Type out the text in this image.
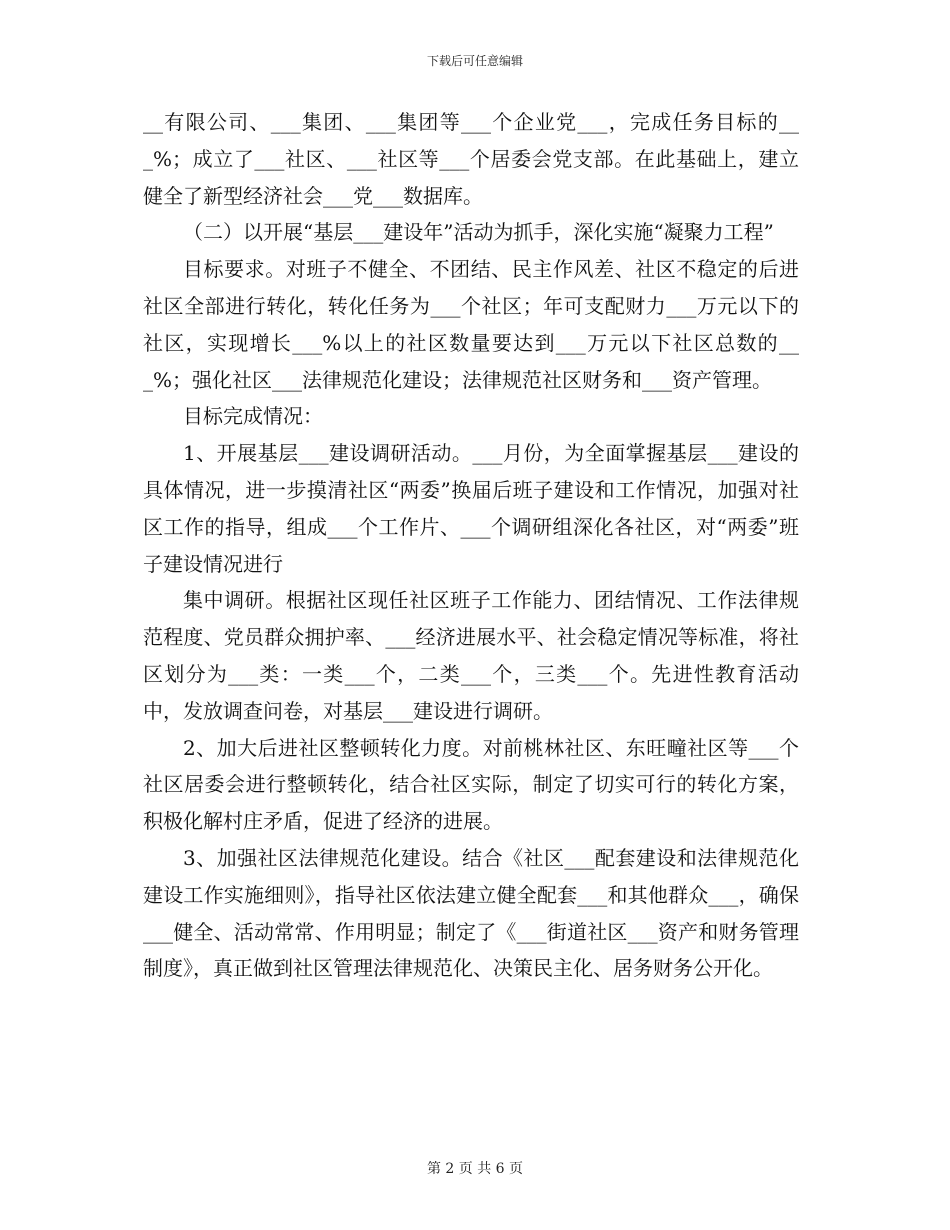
下载后可任意编辑

__有限公司、___集团、___集团等___个企业党___，完成任务目标的___%；成立了___社区、___社区等___个居委会党支部。在此基础上，建立健全了新型经济社会___党___数据库。

（二）以开展“基层___建设年”活动为抓手，深化实施“凝聚力工程”

目标要求。对班子不健全、不团结、民主作风差、社区不稳定的后进社区全部进行转化，转化任务为___个社区；年可支配财力___万元以下的社区，实现增长___%以上的社区数量要达到___万元以下社区总数的___%；强化社区___法律规范化建设；法律规范社区财务和___资产管理。

目标完成情况：

1、开展基层___建设调研活动。___月份，为全面掌握基层___建设的具体情况，进一步摸清社区“两委”换届后班子建设和工作情况，加强对社区工作的指导，组成___个工作片、___个调研组深化各社区，对“两委”班子建设情况进行

集中调研。根据社区现任社区班子工作能力、团结情况、工作法律规范程度、党员群众拥护率、___经济进展水平、社会稳定情况等标准，将社区划分为___类：一类___个，二类___个，三类___个。先进性教育活动中，发放调查问卷，对基层___建设进行调研。

2、加大后进社区整顿转化力度。对前桃林社区、东旺疃社区等___个社区居委会进行整顿转化，结合社区实际，制定了切实可行的转化方案，积极化解村庄矛盾，促进了经济的进展。

3、加强社区法律规范化建设。结合《社区___配套建设和法律规范化建设工作实施细则》，指导社区依法建立健全配套___和其他群众___，确保___健全、活动常常、作用明显；制定了《___街道社区___资产和财务管理制度》，真正做到社区管理法律规范化、决策民主化、居务财务公开化。

第 2 页 共 6 页
